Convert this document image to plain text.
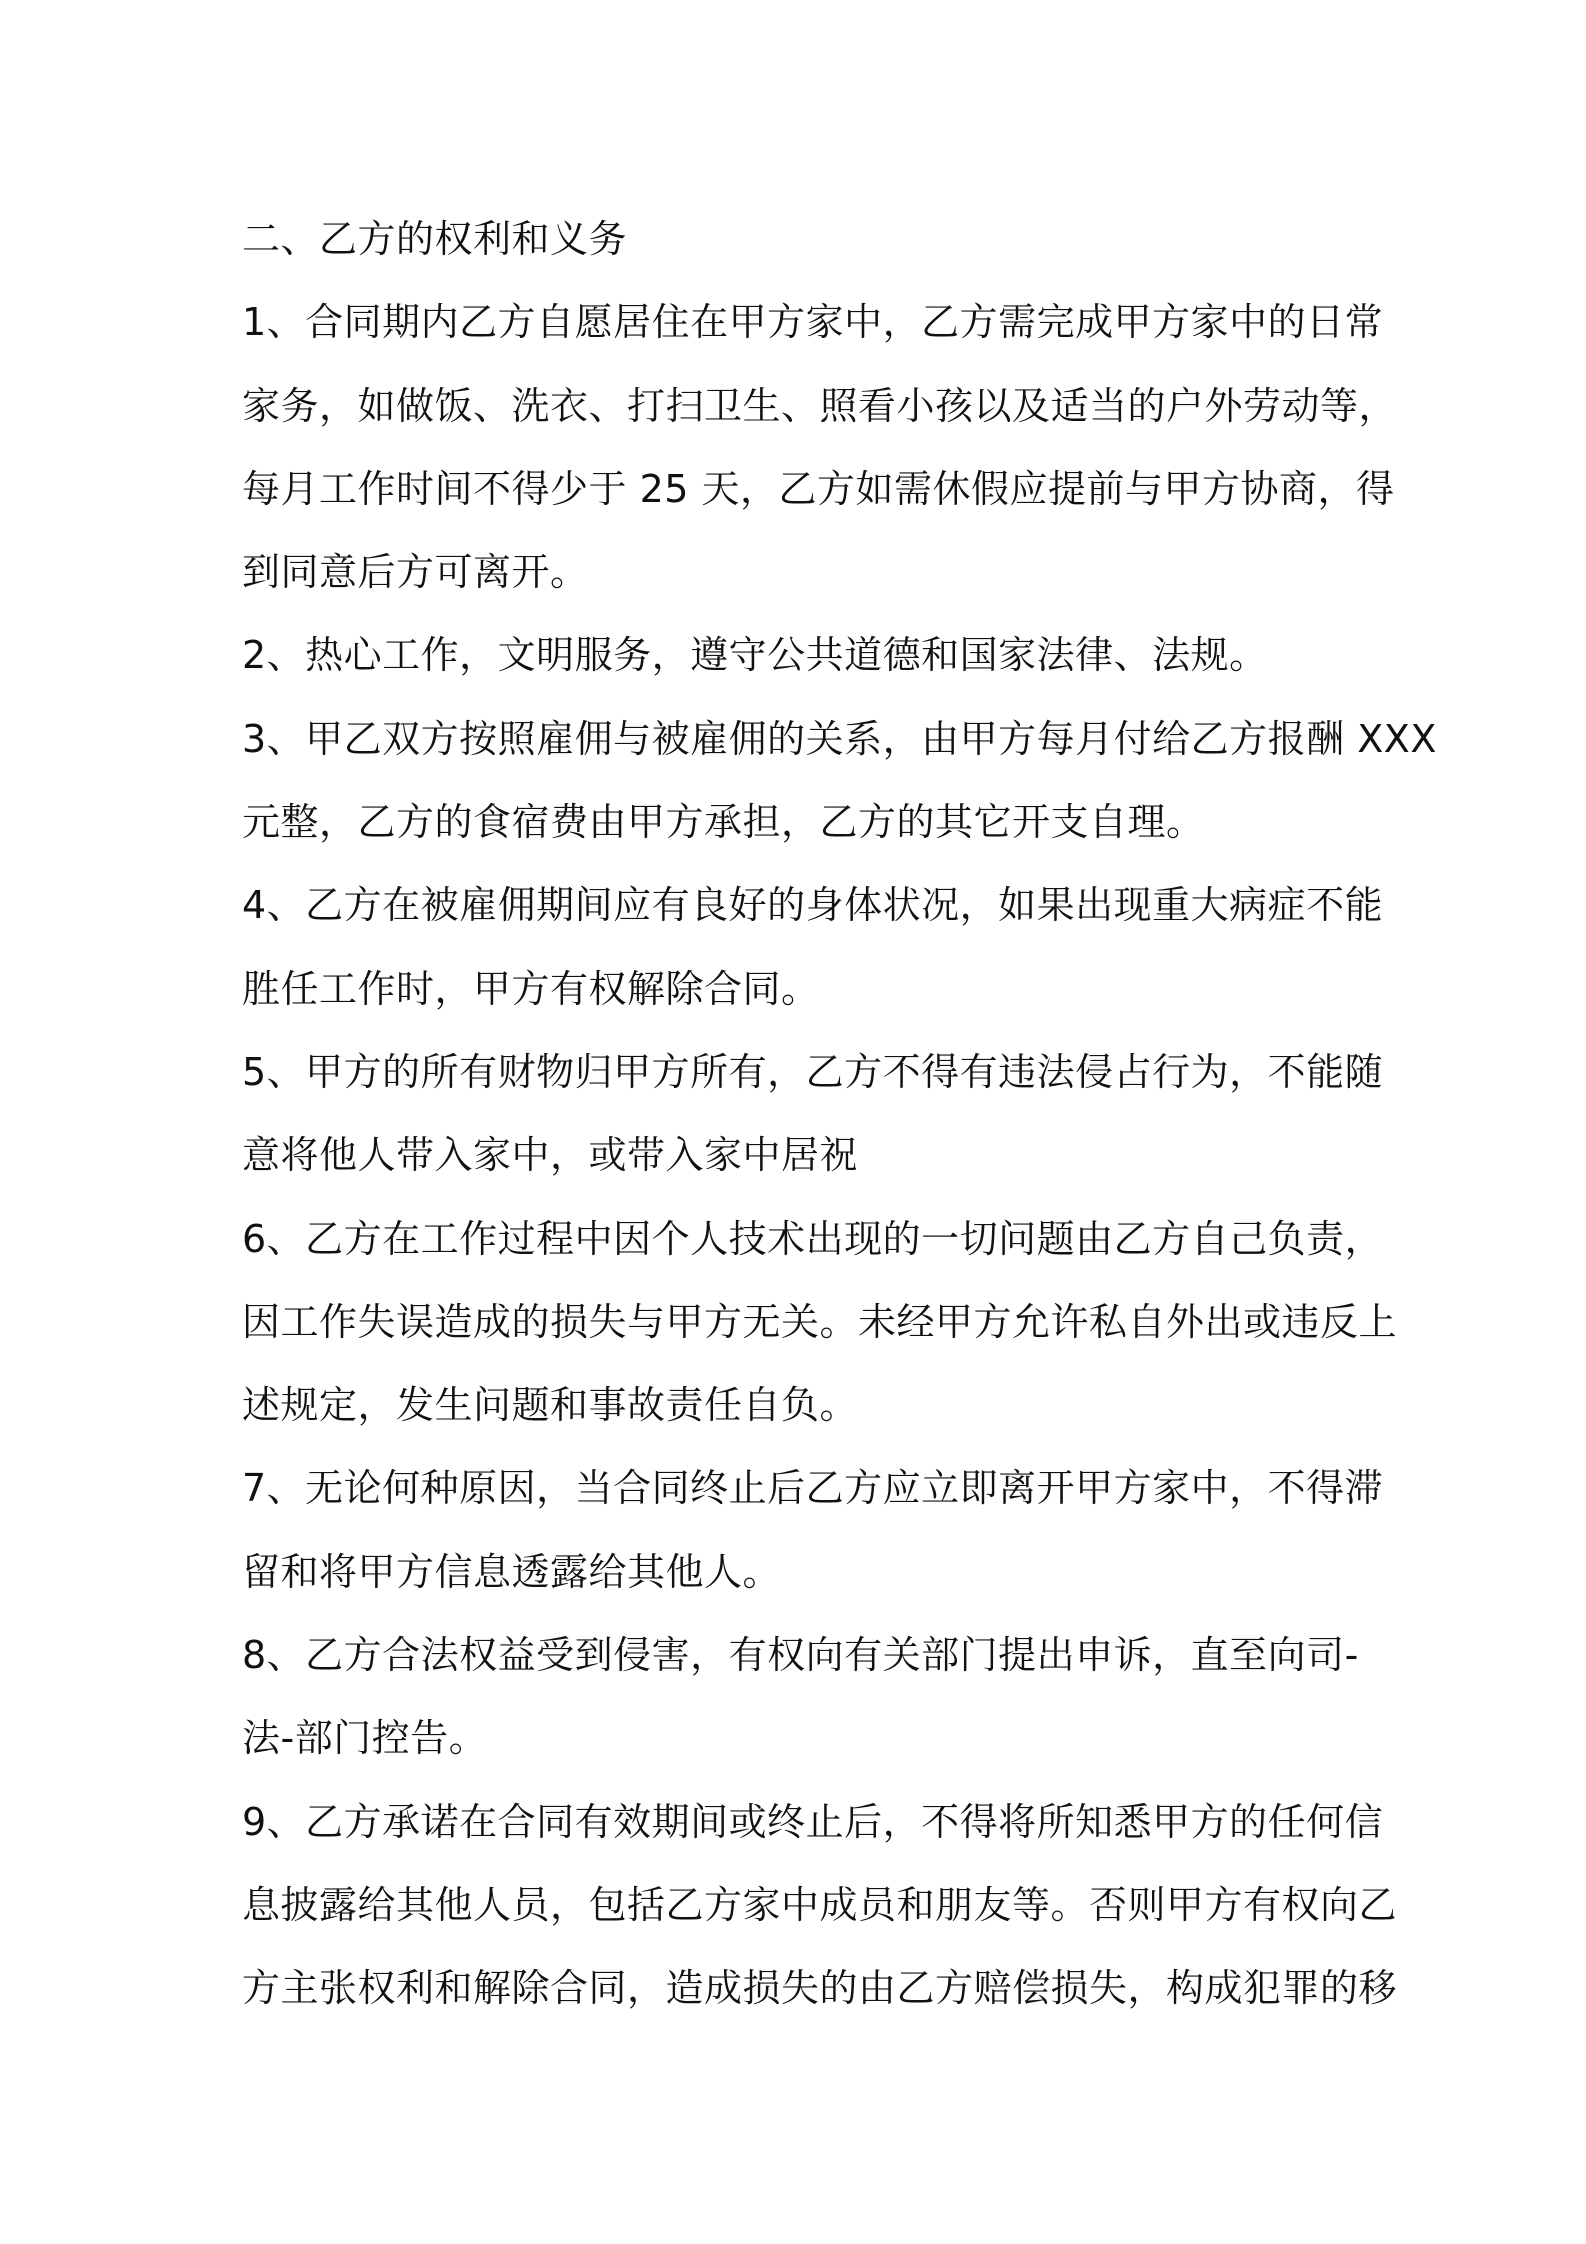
二、乙方的权利和义务
1、合同期内乙方自愿居住在甲方家中，乙方需完成甲方家中的日常
家务，如做饭、洗衣、打扫卫生、照看小孩以及适当的户外劳动等，
每月工作时间不得少于 25 天，乙方如需休假应提前与甲方协商，得
到同意后方可离开。
2、热心工作，文明服务，遵守公共道德和国家法律、法规。
3、甲乙双方按照雇佣与被雇佣的关系，由甲方每月付给乙方报酬 XXX
元整，乙方的食宿费由甲方承担，乙方的其它开支自理。
4、乙方在被雇佣期间应有良好的身体状况，如果出现重大病症不能
胜任工作时，甲方有权解除合同。
5、甲方的所有财物归甲方所有，乙方不得有违法侵占行为，不能随
意将他人带入家中，或带入家中居祝
6、乙方在工作过程中因个人技术出现的一切问题由乙方自己负责，
因工作失误造成的损失与甲方无关。未经甲方允许私自外出或违反上
述规定，发生问题和事故责任自负。
7、无论何种原因，当合同终止后乙方应立即离开甲方家中，不得滞
留和将甲方信息透露给其他人。
8、乙方合法权益受到侵害，有权向有关部门提出申诉，直至向司-
法-部门控告。
9、乙方承诺在合同有效期间或终止后，不得将所知悉甲方的任何信
息披露给其他人员，包括乙方家中成员和朋友等。否则甲方有权向乙
方主张权利和解除合同，造成损失的由乙方赔偿损失，构成犯罪的移
